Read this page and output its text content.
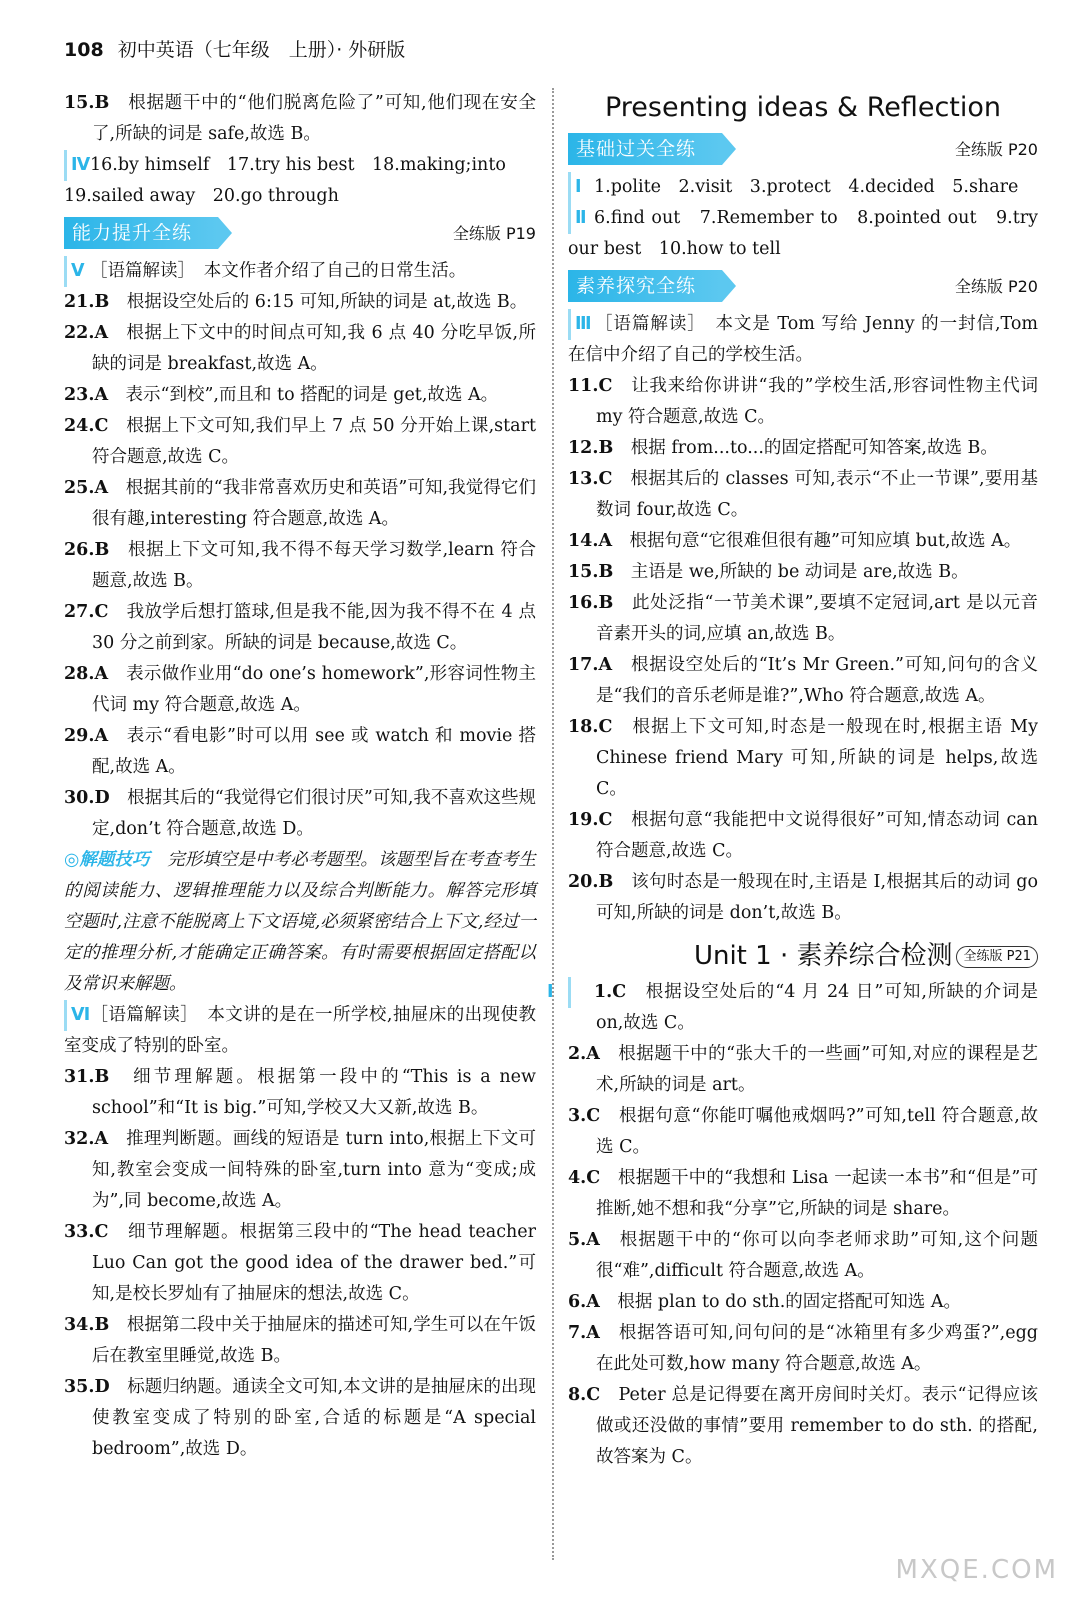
108 初中英语（七年级　上册）· 外研版

15.B　 根据题干中的“他们脱离危险了”可知,他们现在安全了,所缺的词是 safe,故选 B。

Ⅳ16.by himself　17.try his best　18.making;into

19.sailed away　20.go through

能力提升全练	全练版 P19

Ⅴ ［语篇解读］　本文作者介绍了自己的日常生活。

21.B　 根据设空处后的 6:15 可知,所缺的词是 at,故选 B。

22.A　 根据上下文中的时间点可知,我 6 点 40 分吃早饭,所缺的词是 breakfast,故选 A。

23.A　 表示“到校”,而且和 to 搭配的词是 get,故选 A。

24.C　 根据上下文可知,我们早上 7 点 50 分开始上课,start 符合题意,故选 C。

25.A　 根据其前的“我非常喜欢历史和英语”可知,我觉得它们很有趣,interesting 符合题意,故选 A。

26.B　 根据上下文可知,我不得不每天学习数学,learn 符合题意,故选 B。

27.C　 我放学后想打篮球,但是我不能,因为我不得不在 4 点 30 分之前到家。所缺的词是 because,故选 C。

28.A　 表示做作业用“do one’s homework”,形容词性物主代词 my 符合题意,故选 A。

29.A　 表示“看电影”时可以用 see 或 watch 和 movie 搭配,故选 A。

30.D　 根据其后的“我觉得它们很讨厌”可知,我不喜欢这些规定,don’t 符合题意,故选 D。

◎解题技巧　 完形填空是中考必考题型。该题型旨在考查考生的阅读能力、逻辑推理能力以及综合判断能力。解答完形填空题时,注意不能脱离上下文语境,必须紧密结合上下文,经过一定的推理分析,才能确定正确答案。有时需要根据固定搭配以及常识来解题。

Ⅵ［语篇解读］　本文讲的是在一所学校,抽屉床的出现使教室变成了特别的卧室。

31.B　 细节理解题。根据第一段中的“This is a new school”和“It is big.”可知,学校又大又新,故选 B。

32.A　 推理判断题。画线的短语是 turn into,根据上下文可知,教室会变成一间特殊的卧室,turn into 意为“变成;成为”,同 become,故选 A。

33.C　 细节理解题。根据第三段中的“The head teacher Luo Can got the good idea of the drawer bed.”可知,是校长罗灿有了抽屉床的想法,故选 C。

34.B　 根据第二段中关于抽屉床的描述可知,学生可以在午饭后在教室里睡觉,故选 B。

35.D　 标题归纳题。通读全文可知,本文讲的是抽屉床的出现使教室变成了特别的卧室,合适的标题是“A special bedroom”,故选 D。

Presenting ideas & Reflection
基础过关全练	全练版 P20

Ⅰ 1.polite　2.visit　3.protect　4.decided　5.share

Ⅱ 6.find out　7.Remember to　8.pointed out　9.try our best　10.how to tell

素养探究全练	全练版 P20

Ⅲ ［语篇解读］　本文是 Tom 写给 Jenny 的一封信,Tom 在信中介绍了自己的学校生活。

11.C　 让我来给你讲讲“我的”学校生活,形容词性物主代词 my 符合题意,故选 C。

12.B　 根据 from...to...的固定搭配可知答案,故选 B。

13.C　 根据其后的 classes 可知,表示“不止一节课”,要用基数词 four,故选 C。

14.A　 根据句意“它很难但很有趣”可知应填 but,故选 A。

15.B　 主语是 we,所缺的 be 动词是 are,故选 B。

16.B　 此处泛指“一节美术课”,要填不定冠词,art 是以元音音素开头的词,应填 an,故选 B。

17.A　 根据设空处后的“It’s Mr Green.”可知,问句的含义是“我们的音乐老师是谁?”,Who 符合题意,故选 A。

18.C　 根据上下文可知,时态是一般现在时,根据主语 My Chinese friend Mary 可知,所缺的词是 helps,故选 C。

19.C　 根据句意“我能把中文说得很好”可知,情态动词 can 符合题意,故选 C。

20.B　 该句时态是一般现在时,主语是 I,根据其后的动词 go 可知,所缺的词是 don’t,故选 B。

Unit 1 · 素养综合检测 全练版 P21

Ⅰ 1.C　 根据设空处后的“4 月 24 日”可知,所缺的介词是 on,故选 C。

2.A　 根据题干中的“张大千的一些画”可知,对应的课程是艺术,所缺的词是 art。

3.C　 根据句意“你能叮嘱他戒烟吗?”可知,tell 符合题意,故选 C。

4.C　 根据题干中的“我想和 Lisa 一起读一本书”和“但是”可推断,她不想和我“分享”它,所缺的词是 share。

5.A　 根据题干中的“你可以向李老师求助”可知,这个问题很“难”,difficult 符合题意,故选 A。

6.A　 根据 plan to do sth.的固定搭配可知选 A。

7.A　 根据答语可知,问句问的是“冰箱里有多少鸡蛋?”,egg 在此处可数,how many 符合题意,故选 A。

8.C　 Peter 总是记得要在离开房间时关灯。表示“记得应该做或还没做的事情”要用 remember to do sth. 的搭配,故答案为 C。

MXQE.COM
